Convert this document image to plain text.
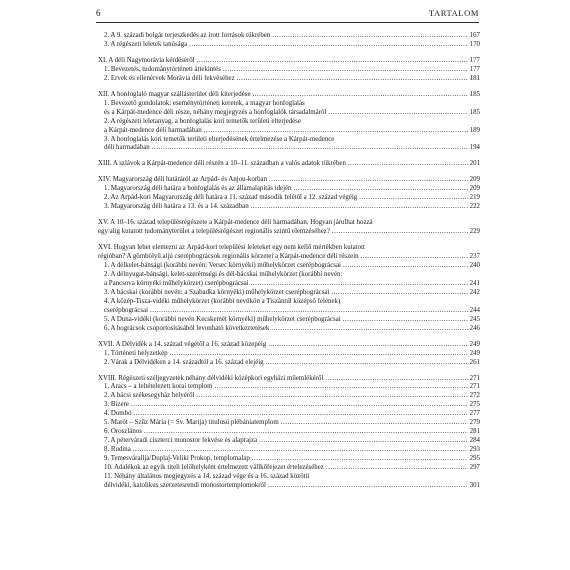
6	TARTALOM
2. A 9. századi bolgár terjeszkedés az írott források tükrében . . .	167
3. A régészeti leletek tanúsága . . .	170
XI. A déli Nagymorávia kérdéséről . . .	177
1. Bevezetés, tudománytörténeti áttekintés . . .	177
2. Érvek és ellenérvek Morávia déli fekvéséhez . . .	181
XII. A honfoglaló magyar szállásterület déli kiterjedése . . .	185
1. Bevezető gondolatok: eseménytörténeti keretek, a magyar honfoglalás
és a Kárpát-medence déli része, néhány megjegyzés a honfoglalók társadalmáról . . .	185
2. A régészeti leletanyag, a honfoglalás kori temetők területi elterjedése
a Kárpát-medence déli harmadában . . .	189
3. A honfoglalás kori temetők területi elterjedésének értelmezése a Kárpát-medence
déli harmadában . . .	194
XIII. A szlávok a Kárpát-medence déli részén a 10–11. században a valós adatok tükrében . . .	201
XIV. Magyarország déli határáról az Árpád- és Anjou-korban . . .	209
1. Magyarország déli határa a honfoglalás és az államalapítás idején . . .	209
2. Az Árpád-kori Magyarország déli határa a 11. század második felétől a 12. század végéig . . .	219
3. Magyarország déli határa a 13. és a 14. században . . .	222
XV. A 10–16. század településrégészete a Kárpát-medence déli harmadában. Hogyan járulhat hozzá
egy alig kutatott tudományterület a településrégészet regionális szintű elemzéséhez? . . .	229
XVI. Hogyan lehet elemezni az Árpád-kori települési leleteket egy nem kellő mértékben kutatott
régióban? A gömbölyű aljú cserépbográcsok regionális körzetei a Kárpát-medence déli részein . . .	237
1. A délkelet-bánsági (korábbi nevén: Versec környéki) műhelykörzet cserépbográcsai . . .	240
2. A délnyugat-bánsági, kelet-szerémségi és dél-bácskai műhelykörzet (korábbi nevén:
a Pancsova környéki műhelykörzet) cserépbográcsai . . .	241
3. A bácskai (korábbi nevén: a Szabadka környéki) műhelykörzet cserépbográcsai . . .	242
4. A közép-Tisza-vidéki műhelykörzet (korábbi nevükön a Tiszántúl középső felének)
cserépbográcsai . . .	244
5. A Duna-vidéki (korábbi nevén Kecskemét környéki) műhelykörzet cserépbográcsai . . .	245
6. A bográcsok csoportosításából levonható következtetések . . .	246
XVII. A Délvidék a 14. század végétől a 16. század közepéig . . .	249
1. Történeti helyzetkép . . .	249
2. Várak a Délvidéken a 14. századtól a 16. század elejéig . . .	261
XVIII. Régészeti széljegyzetek néhány délvidéki középkori egyházi műemlékéről . . .	271
1. Aracs – a feltételezett korai templom . . .	271
2. A bácsi székesegyház helyéről . . .	272
3. Bizere . . .	275
4. Dombó . . .	277
5. Marót – Szűz Mária (= Sv. Marija) titulusú plébániatemplom . . .	279
6. Oroszlános . . .	281
7. A péterváradi ciszterci monostor fekvése és alaprajza . . .	284
8. Rudina . . .	293
9. Temesvárallja/Duplaj-Veliki Prokop, templomalap . . .	295
10. Adalékok az egyik titeli lelőhelyként értelmezett vállkőfejezet értelezéséhez . . .	297
11. Néhány általános megjegyzés a 14. század vége és a 16. század közötti
délvidéki, katolikus szerzetesrendi monostortemplomokról . . .	301
